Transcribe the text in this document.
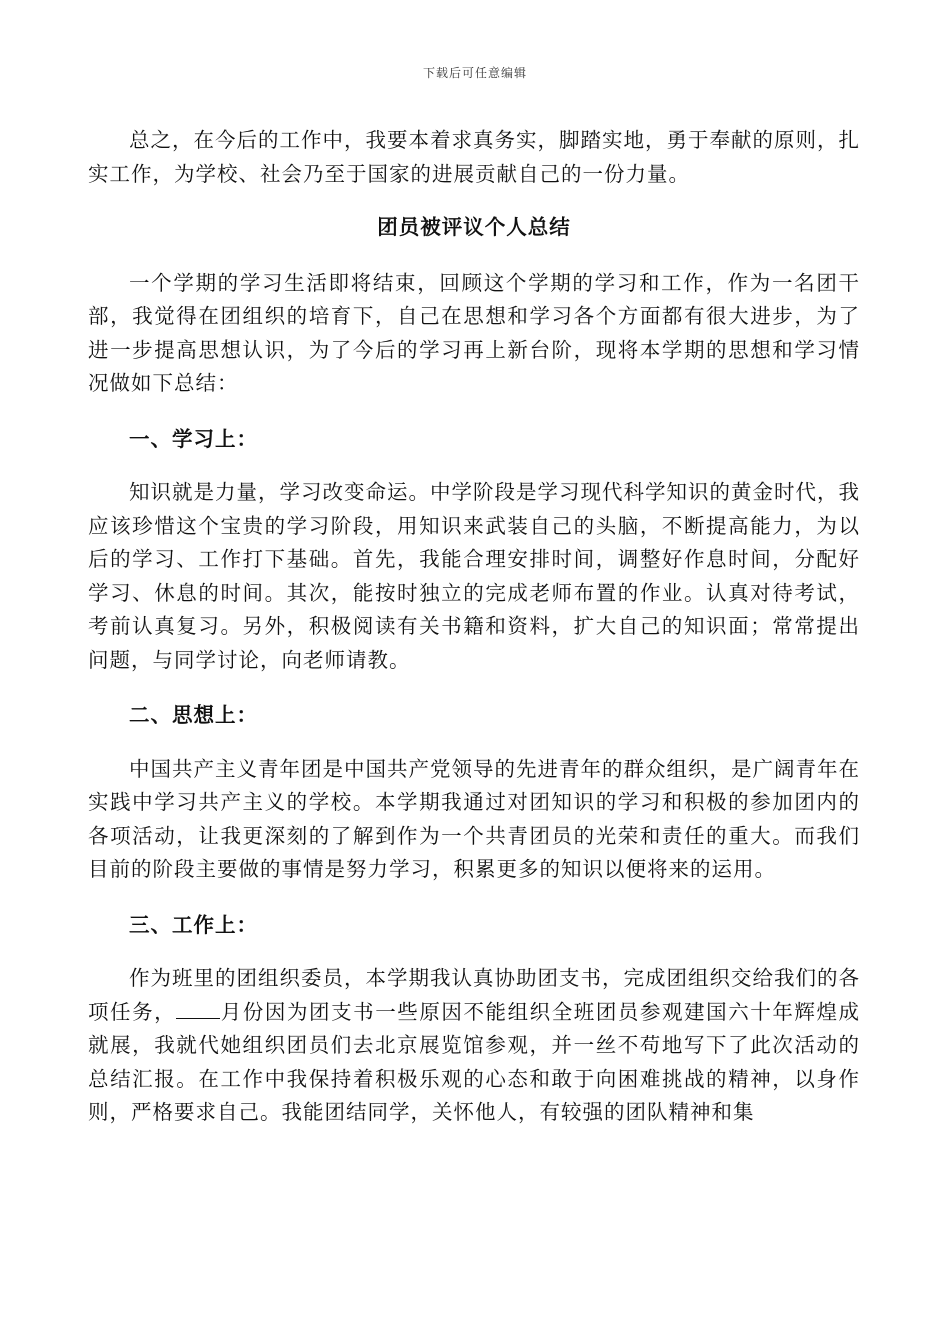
下载后可任意编辑

总之，在今后的工作中，我要本着求真务实，脚踏实地，勇于奉献的原则，扎实工作，为学校、社会乃至于国家的进展贡献自己的一份力量。

团员被评议个人总结

一个学期的学习生活即将结束，回顾这个学期的学习和工作，作为一名团干部，我觉得在团组织的培育下，自己在思想和学习各个方面都有很大进步，为了进一步提高思想认识，为了今后的学习再上新台阶，现将本学期的思想和学习情况做如下总结：

一、学习上：

知识就是力量，学习改变命运。中学阶段是学习现代科学知识的黄金时代，我应该珍惜这个宝贵的学习阶段，用知识来武装自己的头脑，不断提高能力，为以后的学习、工作打下基础。首先，我能合理安排时间，调整好作息时间，分配好学习、休息的时间。其次，能按时独立的完成老师布置的作业。认真对待考试，考前认真复习。另外，积极阅读有关书籍和资料，扩大自己的知识面；常常提出问题，与同学讨论，向老师请教。

二、思想上：

中国共产主义青年团是中国共产党领导的先进青年的群众组织，是广阔青年在实践中学习共产主义的学校。本学期我通过对团知识的学习和积极的参加团内的各项活动，让我更深刻的了解到作为一个共青团员的光荣和责任的重大。而我们目前的阶段主要做的事情是努力学习，积累更多的知识以便将来的运用。

三、工作上：

作为班里的团组织委员，本学期我认真协助团支书，完成团组织交给我们的各项任务， 月份因为团支书一些原因不能组织全班团员参观建国六十年辉煌成就展，我就代她组织团员们去北京展览馆参观，并一丝不苟地写下了此次活动的总结汇报。在工作中我保持着积极乐观的心态和敢于向困难挑战的精神，以身作则，严格要求自己。我能团结同学，关怀他人，有较强的团队精神和集
